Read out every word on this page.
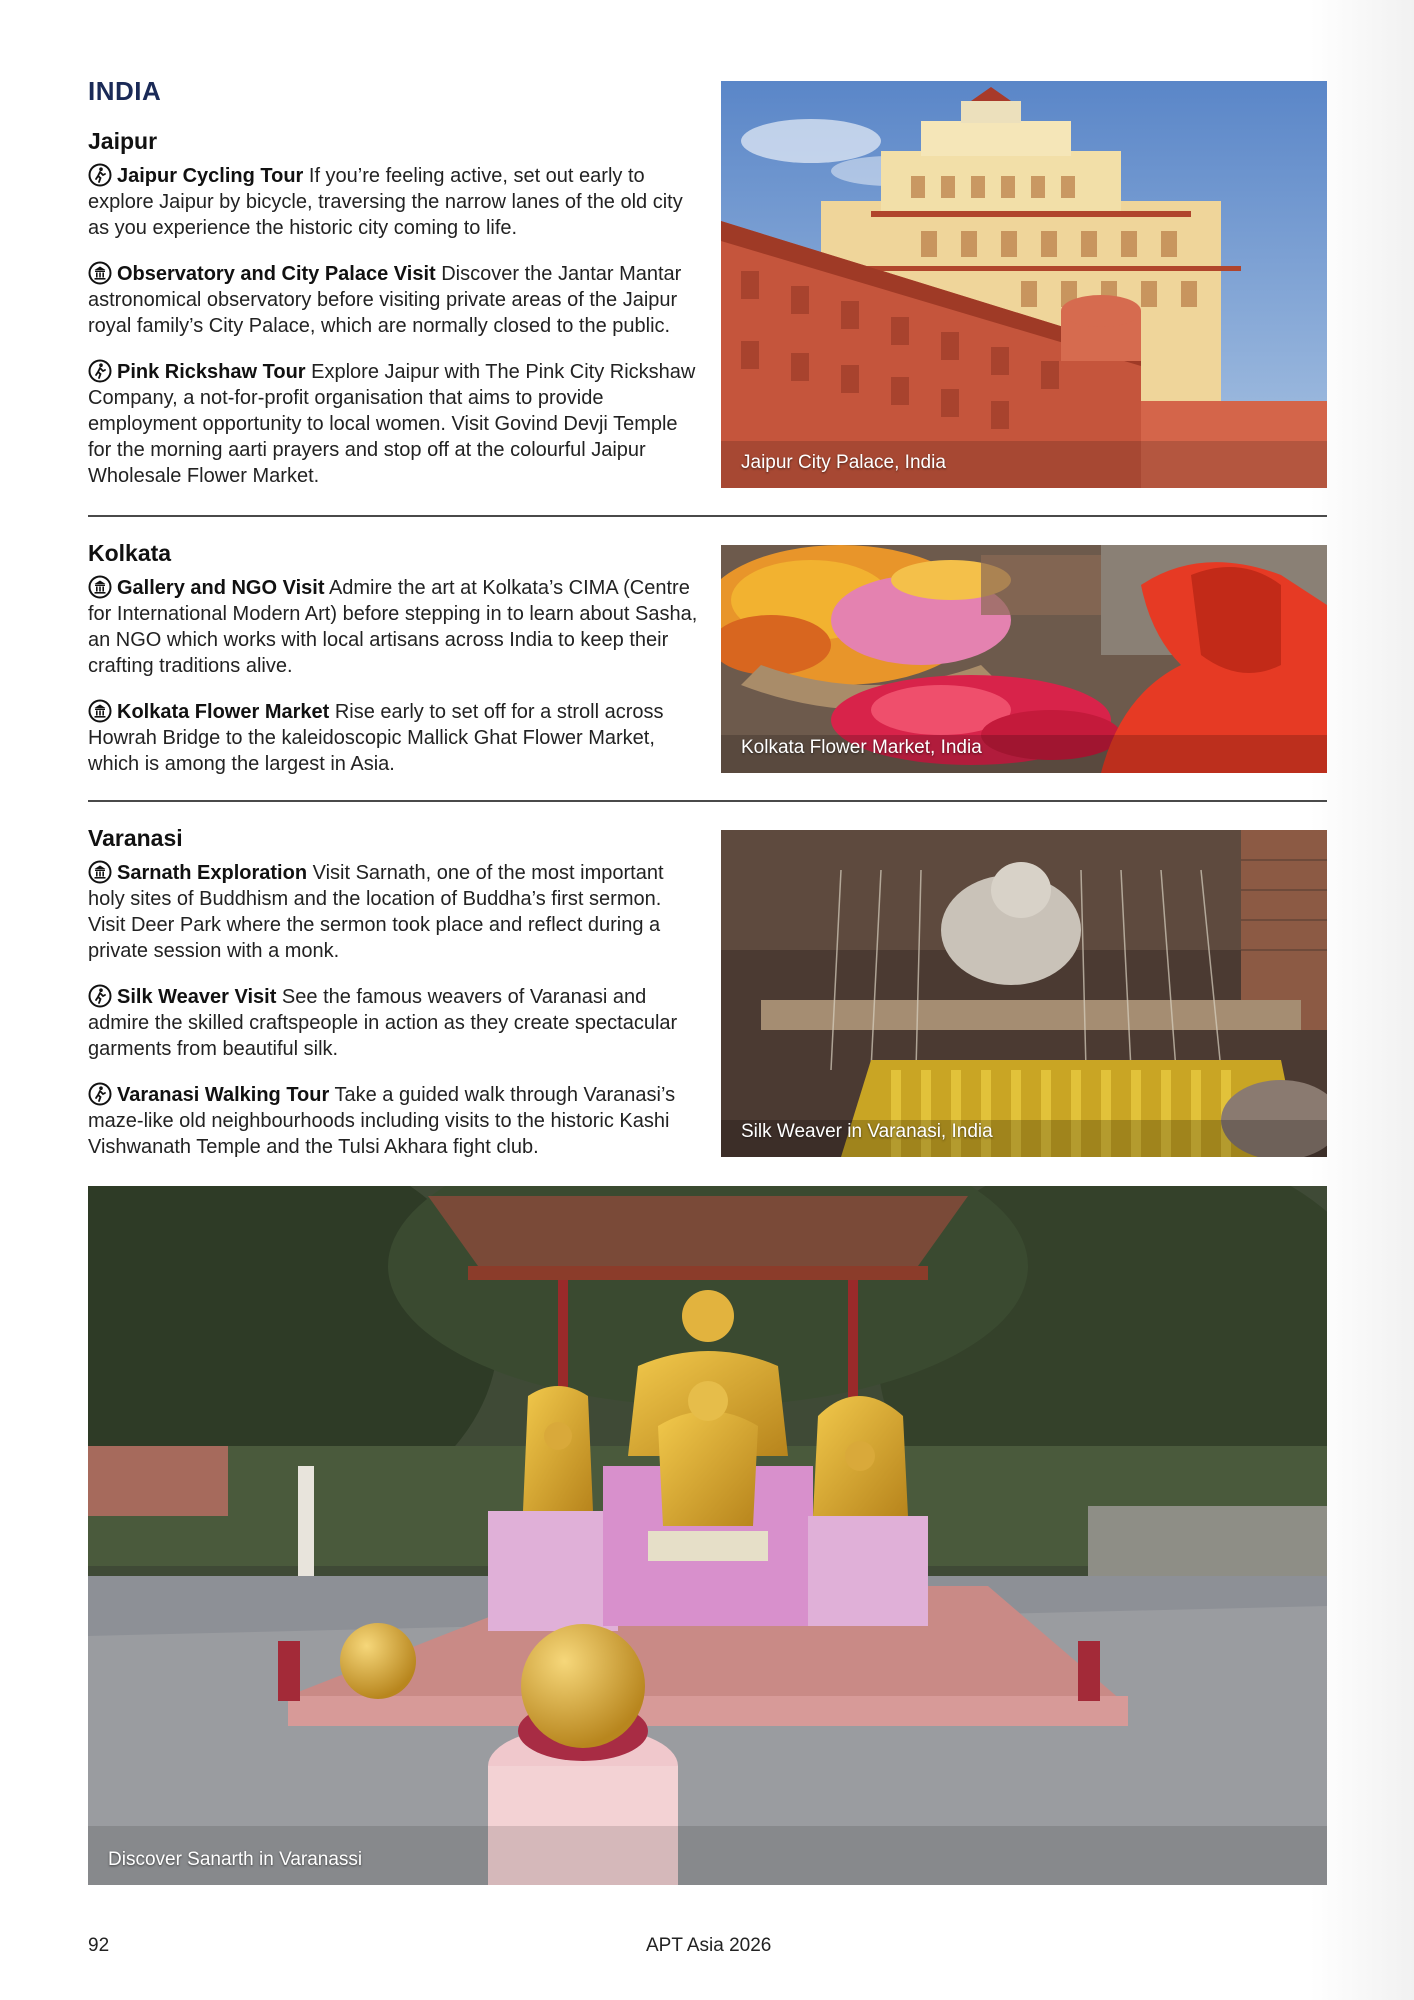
INDIA
Jaipur

Jaipur Cycling Tour If you’re feeling active, set out early to explore Jaipur by bicycle, traversing the narrow lanes of the old city as you experience the historic city coming to life.

Observatory and City Palace Visit Discover the Jantar Mantar astronomical observatory before visiting private areas of the Jaipur royal family’s City Palace, which are normally closed to the public.

Pink Rickshaw Tour Explore Jaipur with The Pink City Rickshaw Company, a not-for-profit organisation that aims to provide employment opportunity to local women. Visit Govind Devji Temple for the morning aarti prayers and stop off at the colourful Jaipur Wholesale Flower Market.

Jaipur City Palace, India
Kolkata

Gallery and NGO Visit Admire the art at Kolkata’s CIMA (Centre for International Modern Art) before stepping in to learn about Sasha, an NGO which works with local artisans across India to keep their crafting traditions alive.

Kolkata Flower Market Rise early to set off for a stroll across Howrah Bridge to the kaleidoscopic Mallick Ghat Flower Market, which is among the largest in Asia.

Kolkata Flower Market, India
Varanasi

Sarnath Exploration Visit Sarnath, one of the most important holy sites of Buddhism and the location of Buddha’s first sermon. Visit Deer Park where the sermon took place and reflect during a private session with a monk.

Silk Weaver Visit See the famous weavers of Varanasi and admire the skilled craftspeople in action as they create spectacular garments from beautiful silk.

Varanasi Walking Tour Take a guided walk through Varanasi’s maze-like old neighbourhoods including visits to the historic Kashi Vishwanath Temple and the Tulsi Akhara fight club.

Silk Weaver in Varanasi, India
Discover Sanarth in Varanassi
92	APT Asia 2026
